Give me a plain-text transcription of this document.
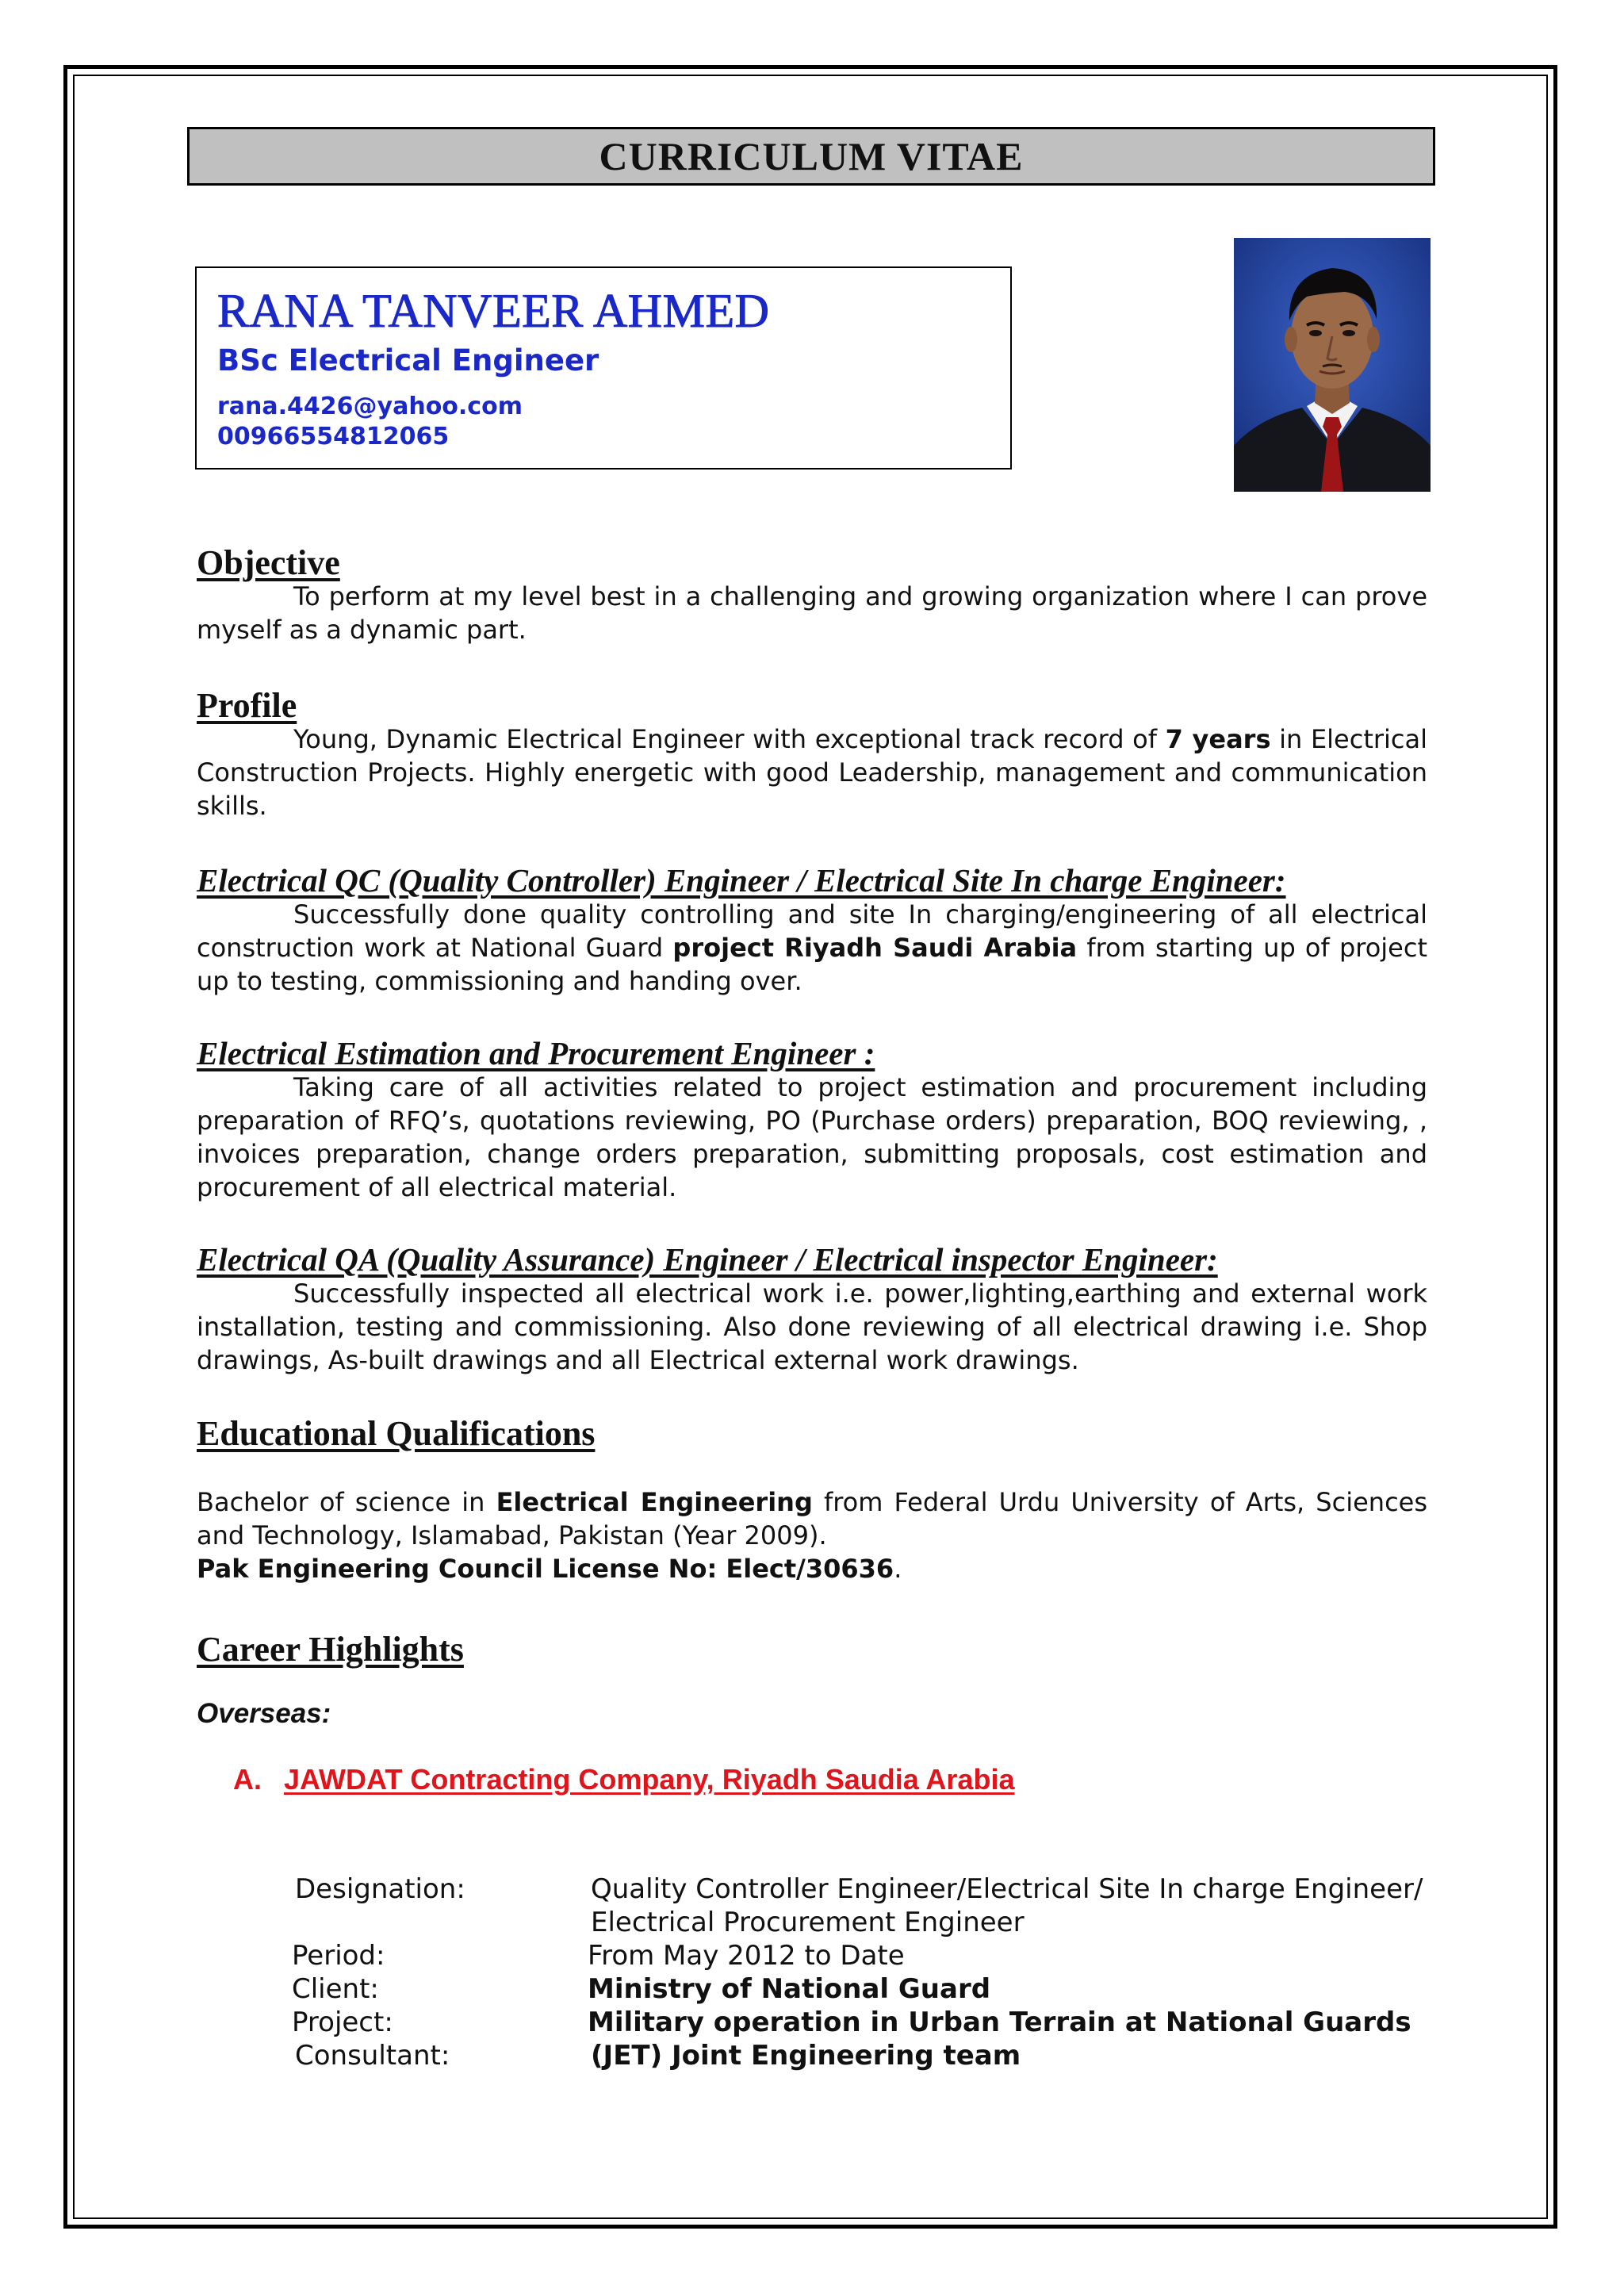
CURRICULUM VITAE
RANA TANVEER AHMED
BSc Electrical Engineer
rana.4426@yahoo.com
00966554812065
Objective

To perform at my level best in a challenging and growing organization where I can prove myself as a dynamic part.

Profile

Young, Dynamic Electrical Engineer with exceptional track record of 7 years in Electrical Construction Projects. Highly energetic with good Leadership, management and communication skills.

Electrical QC (Quality Controller) Engineer / Electrical Site In charge Engineer:

Successfully done quality controlling and site In charging/engineering of all electrical construction work at National Guard project Riyadh Saudi Arabia from starting up of project up to testing, commissioning and handing over.

Electrical Estimation and Procurement Engineer :

Taking care of all activities related to project estimation and procurement including preparation of RFQ’s, quotations reviewing, PO (Purchase orders) preparation, BOQ reviewing, , invoices preparation, change orders preparation, submitting proposals, cost estimation and procurement of all electrical material.

Electrical QA (Quality Assurance) Engineer / Electrical inspector Engineer:

Successfully inspected all electrical work i.e. power,lighting,earthing and external work installation, testing and commissioning. Also done reviewing of all electrical drawing i.e. Shop drawings, As-built drawings and all Electrical external work drawings.

Educational Qualifications

Bachelor of science in Electrical Engineering from Federal Urdu University of Arts, Sciences and Technology, Islamabad, Pakistan (Year 2009).

Pak Engineering Council License No: Elect/30636.

Career Highlights
Overseas:
A. JAWDAT Contracting Company, Riyadh Saudia Arabia
Designation:	Quality Controller Engineer/Electrical Site In charge Engineer/ Electrical Procurement Engineer
Period:	From May 2012 to Date
Client:	Ministry of National Guard
Project:	Military operation in Urban Terrain at National Guards
Consultant:	(JET) Joint Engineering team
